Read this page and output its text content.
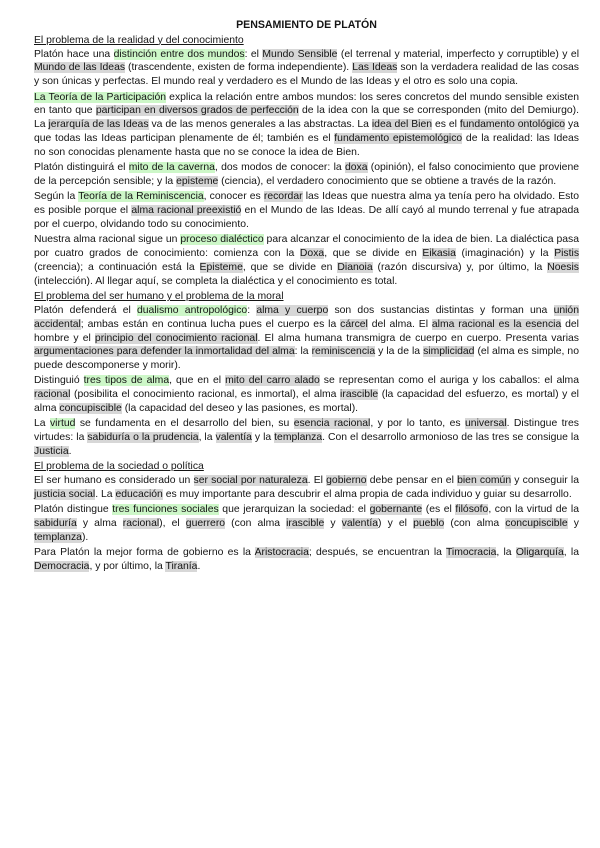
PENSAMIENTO DE PLATÓN
El problema de la realidad y del conocimiento

Platón hace una distinción entre dos mundos: el Mundo Sensible (el terrenal y material, imperfecto y corruptible) y el Mundo de las Ideas (trascendente, existen de forma independiente). Las Ideas son la verdadera realidad de las cosas y son únicas y perfectas. El mundo real y verdadero es el Mundo de las Ideas y el otro es solo una copia.

La Teoría de la Participación explica la relación entre ambos mundos: los seres concretos del mundo sensible existen en tanto que participan en diversos grados de perfección de la idea con la que se corresponden (mito del Demiurgo). La jerarquía de las Ideas va de las menos generales a las abstractas. La idea del Bien es el fundamento ontológico ya que todas las Ideas participan plenamente de él; también es el fundamento epistemológico de la realidad: las Ideas no son conocidas plenamente hasta que no se conoce la idea de Bien.

Platón distinguirá el mito de la caverna, dos modos de conocer: la doxa (opinión), el falso conocimiento que proviene de la percepción sensible; y la episteme (ciencia), el verdadero conocimiento que se obtiene a través de la razón.

Según la Teoría de la Reminiscencia, conocer es recordar las Ideas que nuestra alma ya tenía pero ha olvidado. Esto es posible porque el alma racional preexistió en el Mundo de las Ideas. De allí cayó al mundo terrenal y fue atrapada por el cuerpo, olvidando todo su conocimiento.

Nuestra alma racional sigue un proceso dialéctico para alcanzar el conocimiento de la idea de bien. La dialéctica pasa por cuatro grados de conocimiento: comienza con la Doxa, que se divide en Eikasia (imaginación) y la Pistis (creencia); a continuación está la Episteme, que se divide en Dianoia (razón discursiva) y, por último, la Noesis (intelección). Al llegar aquí, se completa la dialéctica y el conocimiento es total.

El problema del ser humano y el problema de la moral

Platón defenderá el dualismo antropológico: alma y cuerpo son dos sustancias distintas y forman una unión accidental; ambas están en continua lucha pues el cuerpo es la cárcel del alma. El alma racional es la esencia del hombre y el principio del conocimiento racional. El alma humana transmigra de cuerpo en cuerpo. Presenta varias argumentaciones para defender la inmortalidad del alma: la reminiscencia y la de la simplicidad (el alma es simple, no puede descomponerse y morir).

Distinguió tres tipos de alma, que en el mito del carro alado se representan como el auriga y los caballos: el alma racional (posibilita el conocimiento racional, es inmortal), el alma irascible (la capacidad del esfuerzo, es mortal) y el alma concupiscible (la capacidad del deseo y las pasiones, es mortal).

La virtud se fundamenta en el desarrollo del bien, su esencia racional, y por lo tanto, es universal. Distingue tres virtudes: la sabiduría o la prudencia, la valentía y la templanza. Con el desarrollo armonioso de las tres se consigue la Justicia.

El problema de la sociedad o política

El ser humano es considerado un ser social por naturaleza. El gobierno debe pensar en el bien común y conseguir la justicia social. La educación es muy importante para descubrir el alma propia de cada individuo y guiar su desarrollo.

Platón distingue tres funciones sociales que jerarquizan la sociedad: el gobernante (es el filósofo, con la virtud de la sabiduría y alma racional), el guerrero (con alma irascible y valentía) y el pueblo (con alma concupiscible y templanza).

Para Platón la mejor forma de gobierno es la Aristocracia; después, se encuentran la Timocracia, la Oligarquía, la Democracia, y por último, la Tiranía.
